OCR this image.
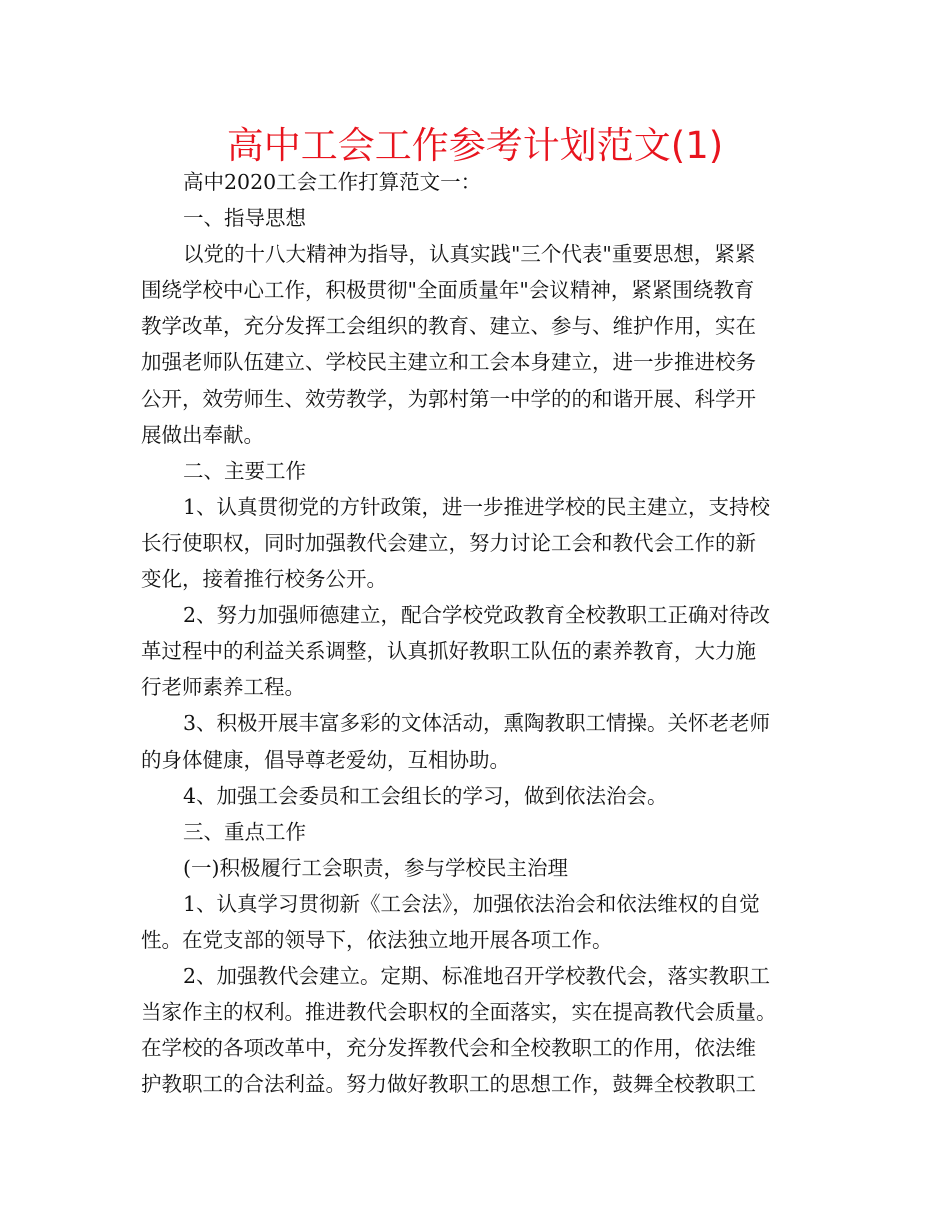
高中工会工作参考计划范文(1)
高中2020工会工作打算范文一：
一、指导思想
以党的十八大精神为指导，认真实践"三个代表"重要思想，紧紧
围绕学校中心工作，积极贯彻"全面质量年"会议精神，紧紧围绕教育
教学改革，充分发挥工会组织的教育、建立、参与、维护作用，实在
加强老师队伍建立、学校民主建立和工会本身建立，进一步推进校务
公开，效劳师生、效劳教学，为郭村第一中学的的和谐开展、科学开
展做出奉献。
二、主要工作
1、认真贯彻党的方针政策，进一步推进学校的民主建立，支持校
长行使职权，同时加强教代会建立，努力讨论工会和教代会工作的新
变化，接着推行校务公开。
2、努力加强师德建立，配合学校党政教育全校教职工正确对待改
革过程中的利益关系调整，认真抓好教职工队伍的素养教育，大力施
行老师素养工程。
3、积极开展丰富多彩的文体活动，熏陶教职工情操。关怀老老师
的身体健康，倡导尊老爱幼，互相协助。
4、加强工会委员和工会组长的学习，做到依法治会。
三、重点工作
(一)积极履行工会职责，参与学校民主治理
1、认真学习贯彻新《工会法》，加强依法治会和依法维权的自觉
性。在党支部的领导下，依法独立地开展各项工作。
2、加强教代会建立。定期、标准地召开学校教代会，落实教职工
当家作主的权利。推进教代会职权的全面落实，实在提高教代会质量。
在学校的各项改革中，充分发挥教代会和全校教职工的作用，依法维
护教职工的合法利益。努力做好教职工的思想工作，鼓舞全校教职工
